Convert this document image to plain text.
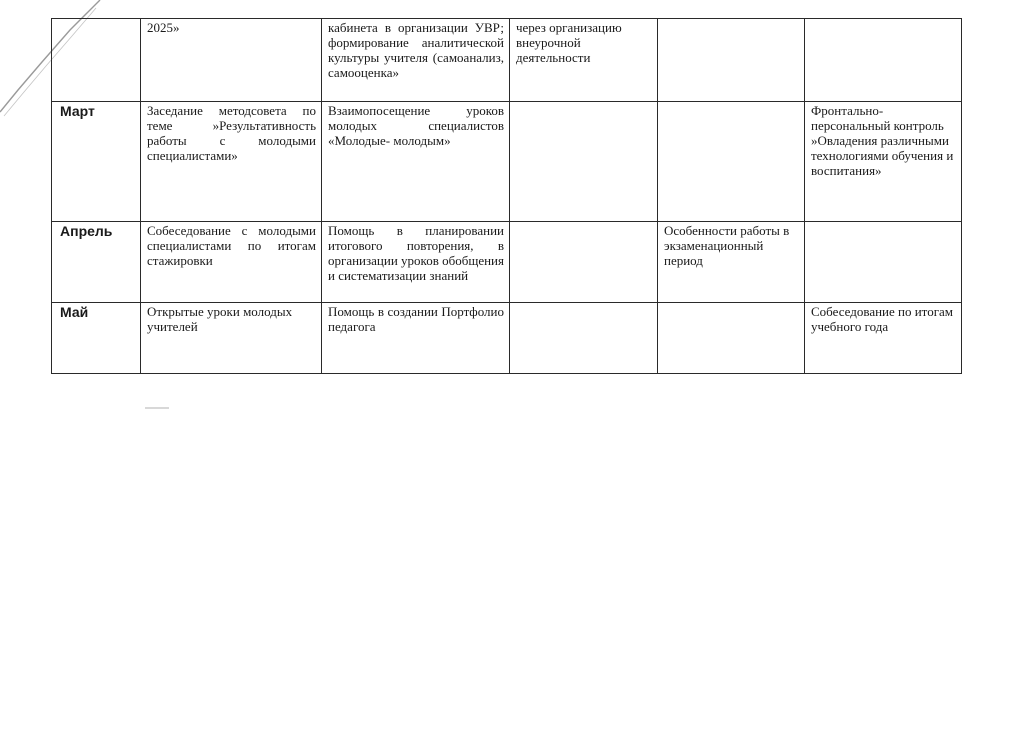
	2025»	кабинета в организации УВР; формирование аналитической культуры учителя (самоанализ, самооценка»	через организацию внеурочной деятельности		
Март	Заседание методсовета по теме »Результативность работы с молодыми специалистами»	Взаимопосещение уроков молодых специалистов «Молодые- молодым»			Фронтально-персональный контроль »Овладения различными технологиями обучения и воспитания»
Апрель	Собеседование с молодыми специалистами по итогам стажировки	Помощь в планировании итогового повторения, в организации уроков обобщения и систематизации знаний		Особенности работы в экзаменационный период	
Май	Открытые уроки молодых учителей	Помощь в создании Портфолио педагога			Собеседование по итогам учебного года
